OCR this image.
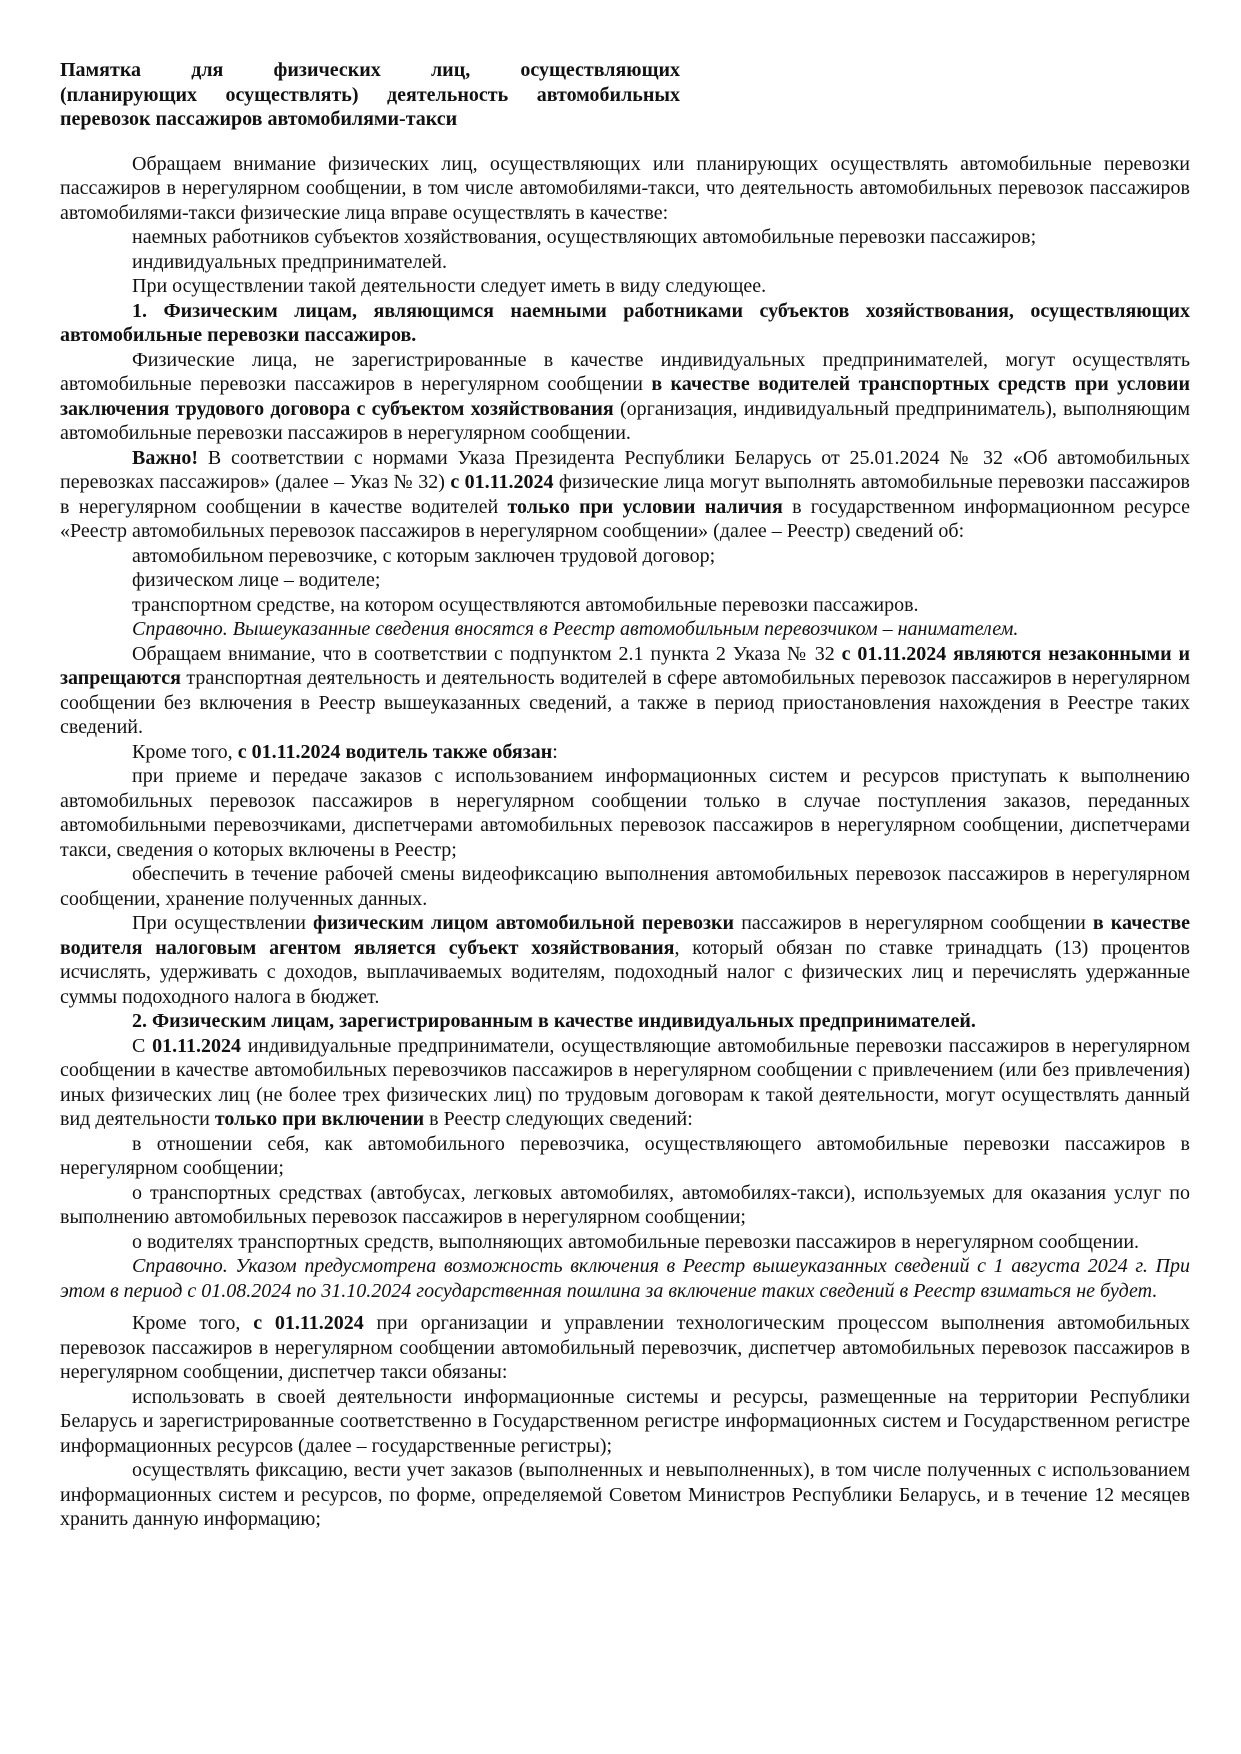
Памятка для физических лиц, осуществляющих
(планирующих осуществлять) деятельность автомобильных
перевозок пассажиров автомобилями-такси

Обращаем внимание физических лиц, осуществляющих или планирующих осуществлять автомобильные перевозки пассажиров в нерегулярном сообщении, в том числе автомобилями-такси, что деятельность автомобильных перевозок пассажиров автомобилями-такси физические лица вправе осуществлять в качестве:

наемных работников субъектов хозяйствования, осуществляющих автомобильные перевозки пассажиров;

индивидуальных предпринимателей.

При осуществлении такой деятельности следует иметь в виду следующее.

1. Физическим лицам, являющимся наемными работниками субъектов хозяйствования, осуществляющих автомобильные перевозки пассажиров.

Физические лица, не зарегистрированные в качестве индивидуальных предпринимателей, могут осуществлять автомобильные перевозки пассажиров в нерегулярном сообщении в качестве водителей транспортных средств при условии заключения трудового договора с субъектом хозяйствования (организация, индивидуальный предприниматель), выполняющим автомобильные перевозки пассажиров в нерегулярном сообщении.

Важно! В соответствии с нормами Указа Президента Республики Беларусь от 25.01.2024 № 32 «Об автомобильных перевозках пассажиров» (далее – Указ № 32) с 01.11.2024 физические лица могут выполнять автомобильные перевозки пассажиров в нерегулярном сообщении в качестве водителей только при условии наличия в государственном информационном ресурсе «Реестр автомобильных перевозок пассажиров в нерегулярном сообщении» (далее – Реестр) сведений об:

автомобильном перевозчике, с которым заключен трудовой договор;

физическом лице – водителе;

транспортном средстве, на котором осуществляются автомобильные перевозки пассажиров.

Справочно. Вышеуказанные сведения вносятся в Реестр автомобильным перевозчиком – нанимателем.

Обращаем внимание, что в соответствии с подпунктом 2.1 пункта 2 Указа № 32 с 01.11.2024 являются незаконными и запрещаются транспортная деятельность и деятельность водителей в сфере автомобильных перевозок пассажиров в нерегулярном сообщении без включения в Реестр вышеуказанных сведений, а также в период приостановления нахождения в Реестре таких сведений.

Кроме того, с 01.11.2024 водитель также обязан:

при приеме и передаче заказов с использованием информационных систем и ресурсов приступать к выполнению автомобильных перевозок пассажиров в нерегулярном сообщении только в случае поступления заказов, переданных автомобильными перевозчиками, диспетчерами автомобильных перевозок пассажиров в нерегулярном сообщении, диспетчерами такси, сведения о которых включены в Реестр;

обеспечить в течение рабочей смены видеофиксацию выполнения автомобильных перевозок пассажиров в нерегулярном сообщении, хранение полученных данных.

При осуществлении физическим лицом автомобильной перевозки пассажиров в нерегулярном сообщении в качестве водителя налоговым агентом является субъект хозяйствования, который обязан по ставке тринадцать (13) процентов исчислять, удерживать с доходов, выплачиваемых водителям, подоходный налог с физических лиц и перечислять удержанные суммы подоходного налога в бюджет.

2. Физическим лицам, зарегистрированным в качестве индивидуальных предпринимателей.

С 01.11.2024 индивидуальные предприниматели, осуществляющие автомобильные перевозки пассажиров в нерегулярном сообщении в качестве автомобильных перевозчиков пассажиров в нерегулярном сообщении с привлечением (или без привлечения) иных физических лиц (не более трех физических лиц) по трудовым договорам к такой деятельности, могут осуществлять данный вид деятельности только при включении в Реестр следующих сведений:

в отношении себя, как автомобильного перевозчика, осуществляющего автомобильные перевозки пассажиров в нерегулярном сообщении;

о транспортных средствах (автобусах, легковых автомобилях, автомобилях-такси), используемых для оказания услуг по выполнению автомобильных перевозок пассажиров в нерегулярном сообщении;

о водителях транспортных средств, выполняющих автомобильные перевозки пассажиров в нерегулярном сообщении.

Справочно. Указом предусмотрена возможность включения в Реестр вышеуказанных сведений с 1 августа 2024 г. При этом в период с 01.08.2024 по 31.10.2024 государственная пошлина за включение таких сведений в Реестр взиматься не будет.

Кроме того, с 01.11.2024 при организации и управлении технологическим процессом выполнения автомобильных перевозок пассажиров в нерегулярном сообщении автомобильный перевозчик, диспетчер автомобильных перевозок пассажиров в нерегулярном сообщении, диспетчер такси обязаны:

использовать в своей деятельности информационные системы и ресурсы, размещенные на территории Республики Беларусь и зарегистрированные соответственно в Государственном регистре информационных систем и Государственном регистре информационных ресурсов (далее – государственные регистры);

осуществлять фиксацию, вести учет заказов (выполненных и невыполненных), в том числе полученных с использованием информационных систем и ресурсов, по форме, определяемой Советом Министров Республики Беларусь, и в течение 12 месяцев хранить данную информацию;
